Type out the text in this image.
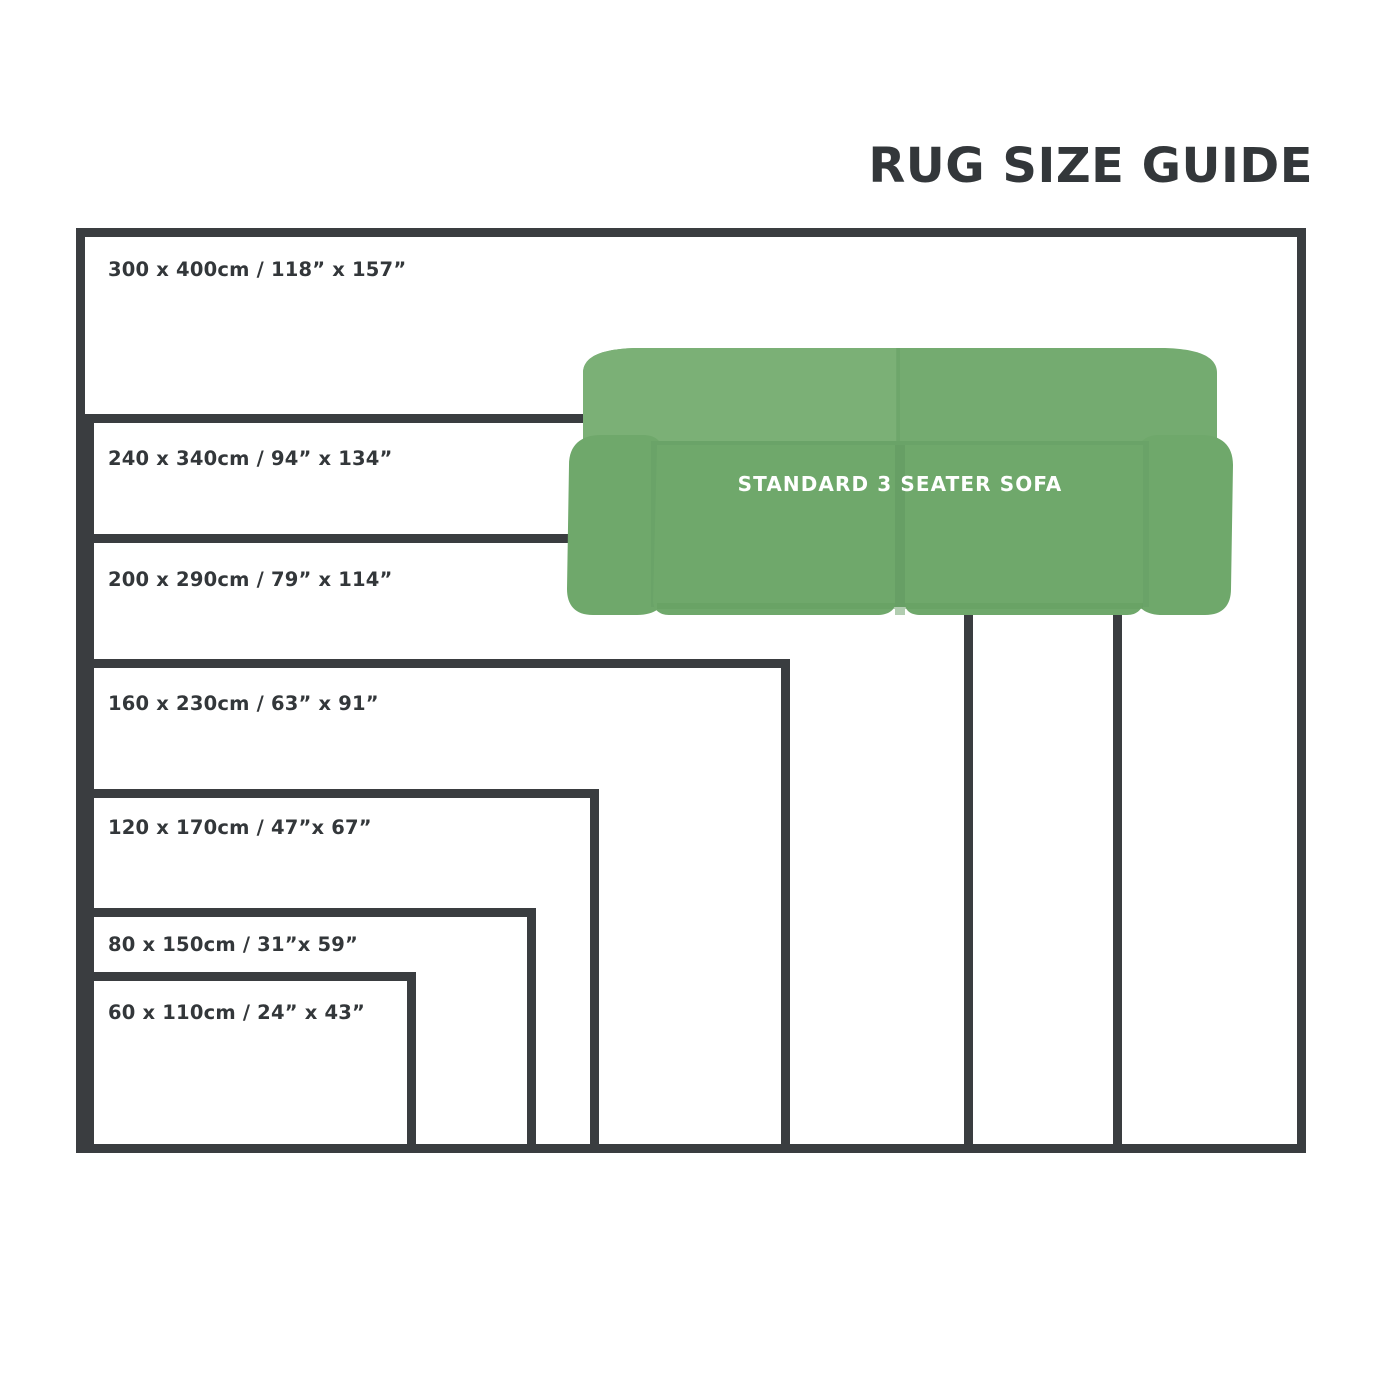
RUG SIZE GUIDE
300 x 400cm / 118” x 157”
240 x 340cm / 94” x 134”
200 x 290cm / 79” x 114”
STANDARD 3 SEATER SOFA
160 x 230cm / 63” x 91”
120 x 170cm / 47”x 67”
80 x 150cm / 31”x 59”
60 x 110cm / 24” x 43”
